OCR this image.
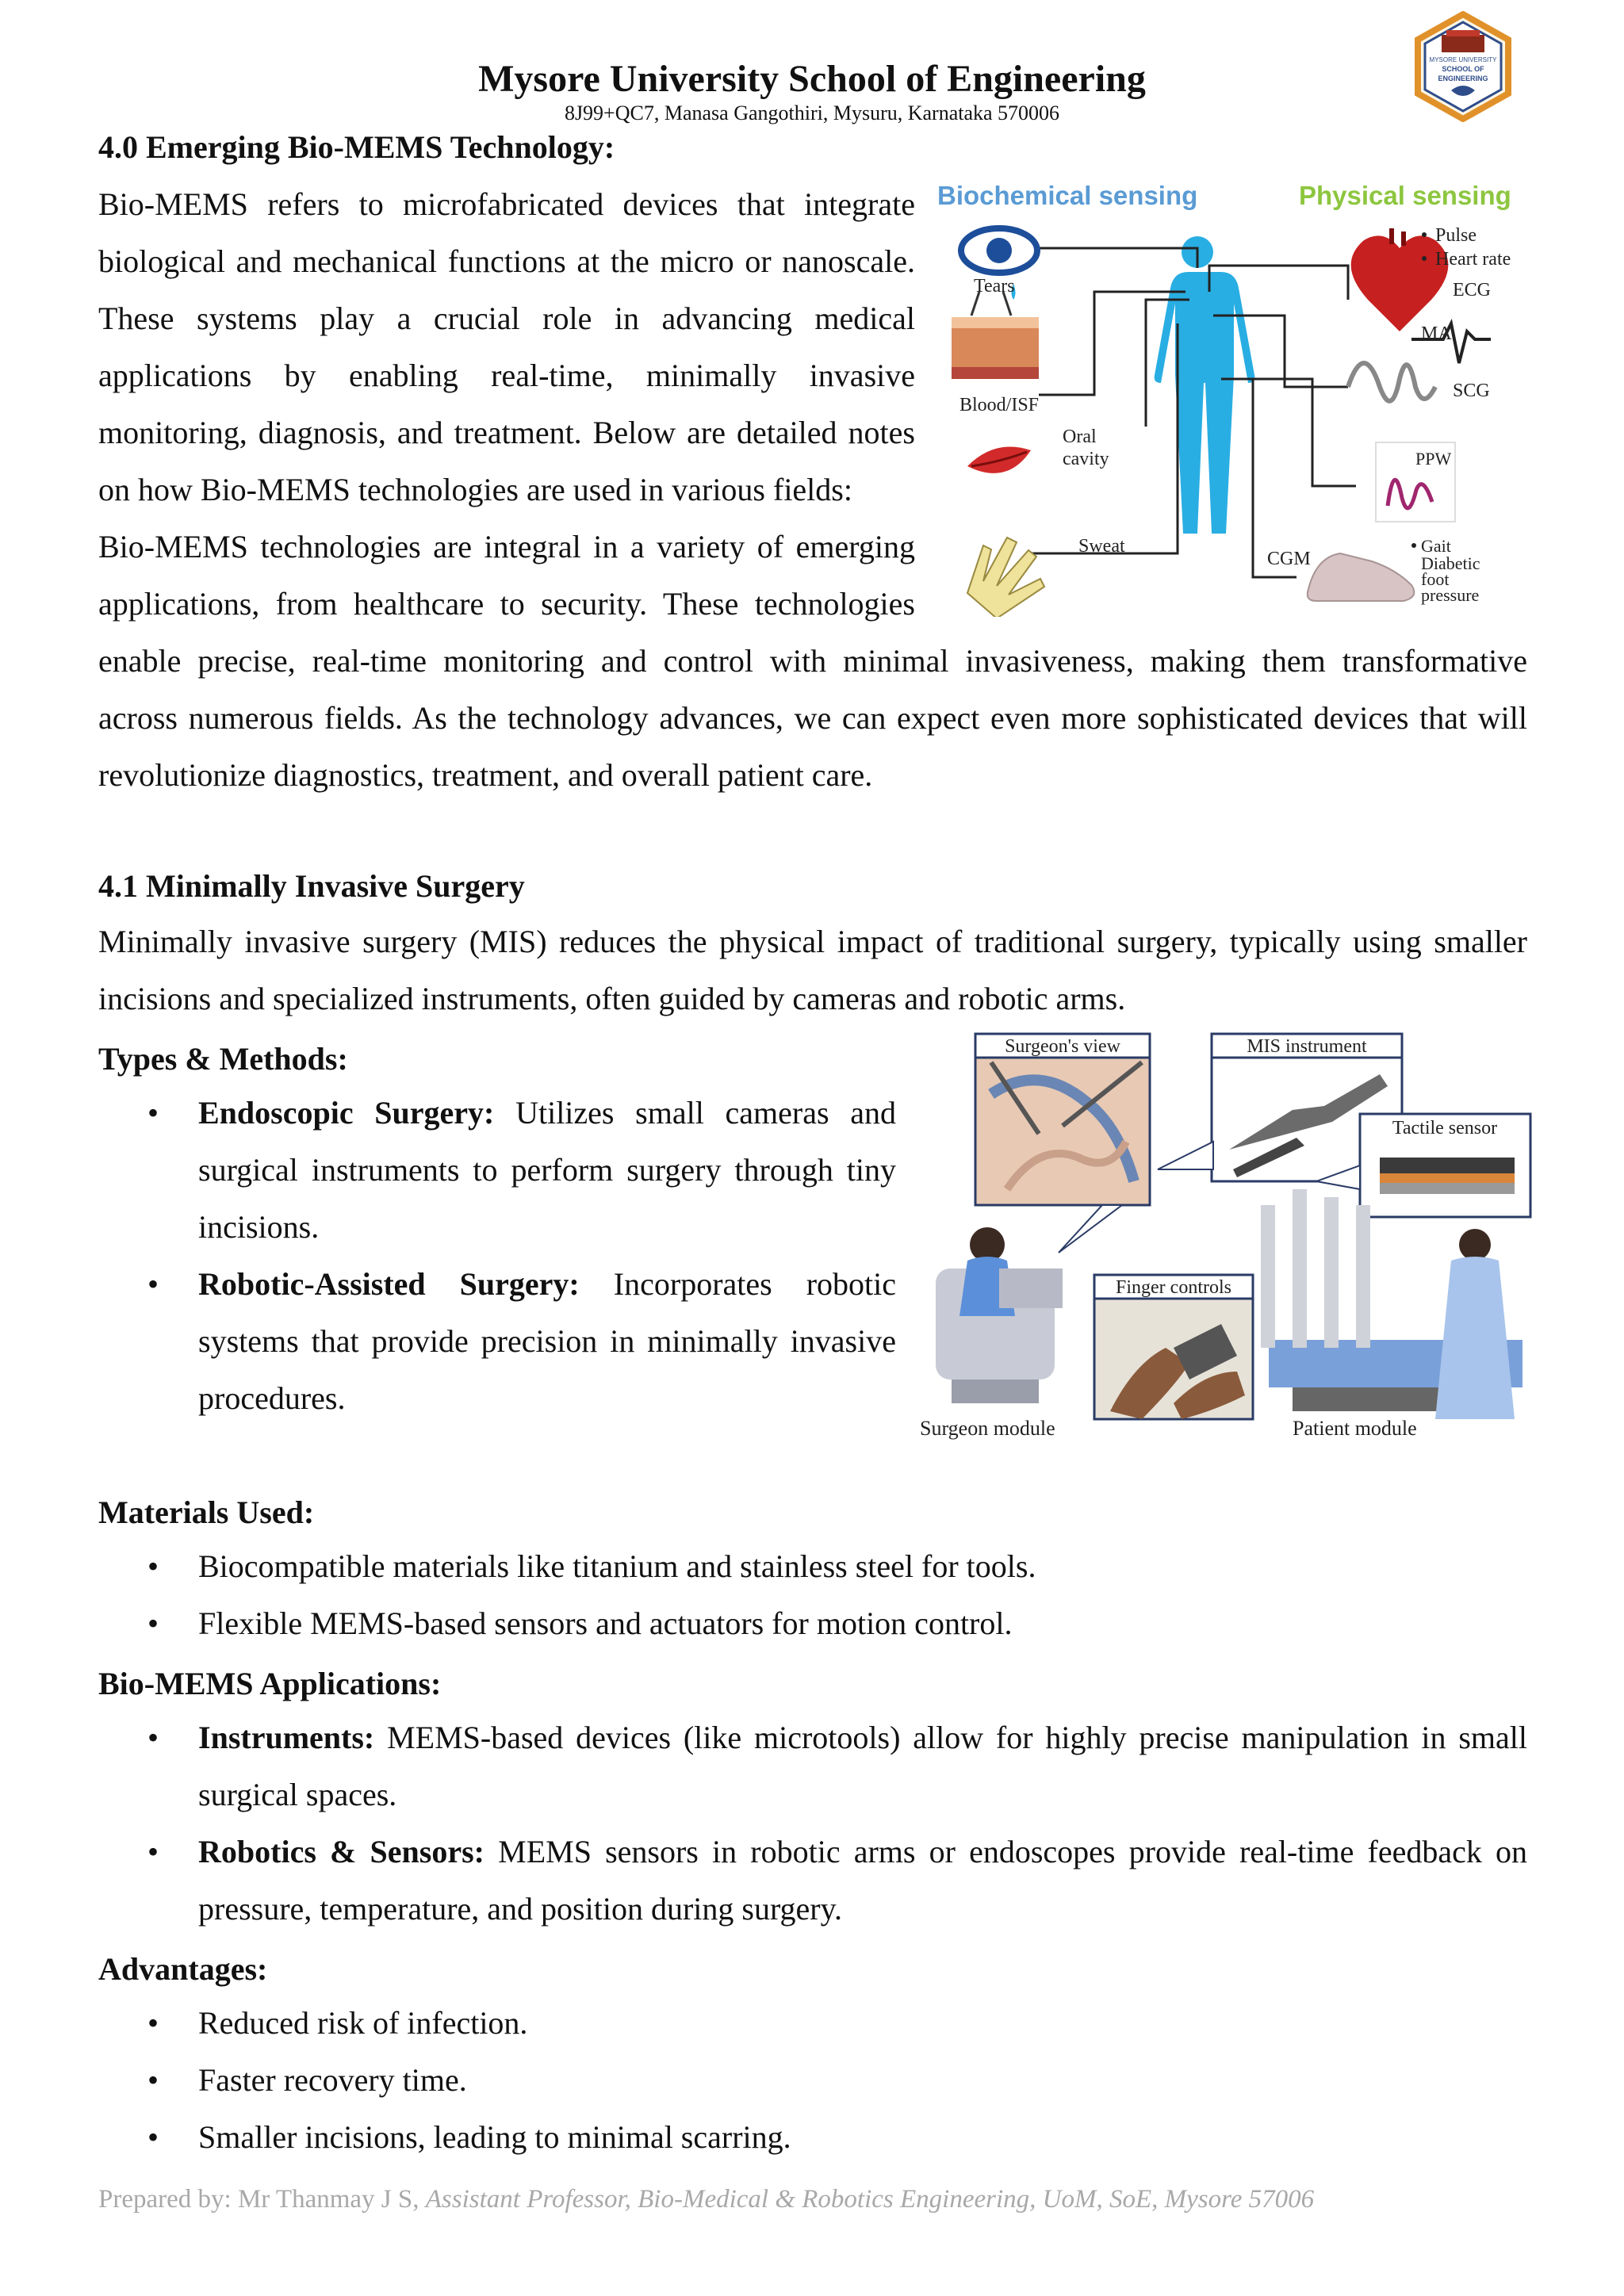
Mysore University School of Engineering
8J99+QC7, Manasa Gangothiri, Mysuru, Karnataka 570006
MYSORE UNIVERSITY
SCHOOL OF
ENGINEERING
4.0 Emerging Bio-MEMS Technology:
Bio-MEMS refers to microfabricated devices that integrate
biological and mechanical functions at the micro or nanoscale.
These systems play a crucial role in advancing medical
applications by enabling real-time, minimally invasive
monitoring, diagnosis, and treatment. Below are detailed notes
on how Bio-MEMS technologies are used in various fields:
Bio-MEMS technologies are integral in a variety of emerging
applications, from healthcare to security. These technologies
enable precise, real-time monitoring and control with minimal invasiveness, making them transformative
across numerous fields. As the technology advances, we can expect even more sophisticated devices that will
revolutionize diagnostics, treatment, and overall patient care.
Biochemical sensing	Physical sensing
Tears
Blood/ISF
Oral
cavity
Sweat
CGM
Pulse
Heart rate
ECG
MA
SCG
PPW
Gait
Diabetic
foot
pressure
4.1 Minimally Invasive Surgery
Minimally invasive surgery (MIS) reduces the physical impact of traditional surgery, typically using smaller
incisions and specialized instruments, often guided by cameras and robotic arms.
Types & Methods:
• Endoscopic Surgery: Utilizes small cameras and
surgical instruments to perform surgery through tiny
incisions.
• Robotic-Assisted Surgery: Incorporates robotic
systems that provide precision in minimally invasive
procedures.
Surgeon's view	MIS instrument
Tactile sensor
Finger controls
Surgeon module	Patient module
Materials Used:
• Biocompatible materials like titanium and stainless steel for tools.
• Flexible MEMS-based sensors and actuators for motion control.
Bio-MEMS Applications:
• Instruments: MEMS-based devices (like microtools) allow for highly precise manipulation in small
surgical spaces.
• Robotics & Sensors: MEMS sensors in robotic arms or endoscopes provide real-time feedback on
pressure, temperature, and position during surgery.
Advantages:
• Reduced risk of infection.
• Faster recovery time.
• Smaller incisions, leading to minimal scarring.
Prepared by: Mr Thanmay J S, Assistant Professor, Bio-Medical & Robotics Engineering, UoM, SoE, Mysore 57006
